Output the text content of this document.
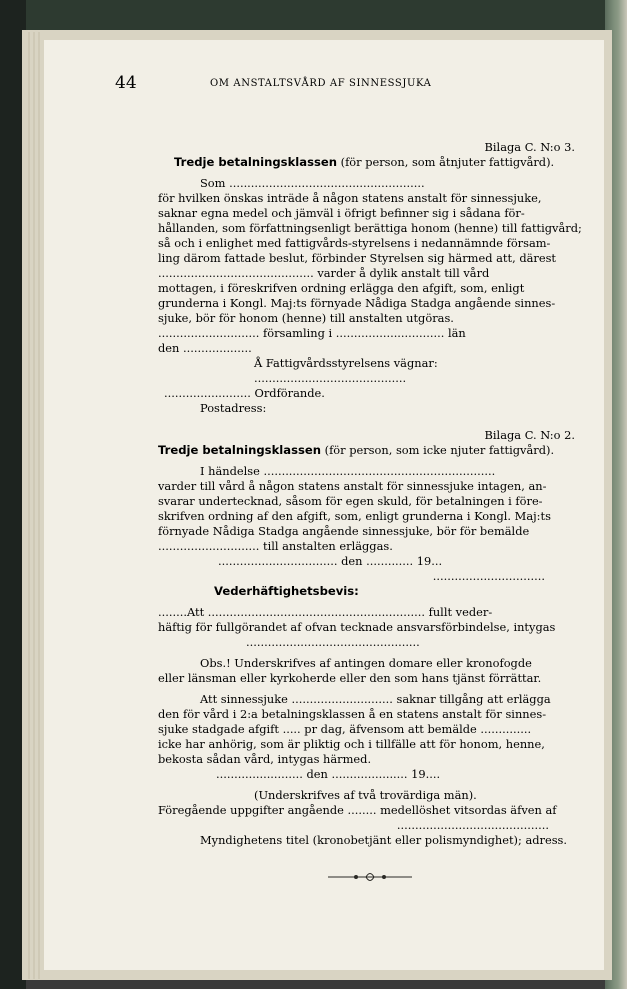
44	OM ANSTALTSVÅRD AF SINNESSJUKA
Bilaga C. N:o 3.
Tredje betalningsklassen (för person, som åtnjuter fattigvård).
Som ......................................................
för hvilken önskas inträde å någon statens anstalt för sinnessjuke,
saknar egna medel och jämväl i öfrigt befinner sig i sådana för-
hållanden, som författningsenligt berättiga honom (henne) till fattigvård;
så och i enlighet med fattigvårds-styrelsens i nedannämnde försam-
ling därom fattade beslut, förbinder Styrelsen sig härmed att, därest
........................................... varder å dylik anstalt till vård
mottagen, i föreskrifven ordning erlägga den afgift, som, enligt
grunderna i Kongl. Maj:ts förnyade Nådiga Stadga angående sinnes-
sjuke, bör för honom (henne) till anstalten utgöras.
............................ församling i .............................. län
den ...................
Å Fattigvårdsstyrelsens vägnar:
..........................................
........................ Ordförande.
Postadress:
Bilaga C. N:o 2.
Tredje betalningsklassen (för person, som icke njuter fattigvård).
I händelse ................................................................
varder till vård å någon statens anstalt för sinnessjuke intagen, an-
svarar undertecknad, såsom för egen skuld, för betalningen i före-
skrifven ordning af den afgift, som, enligt grunderna i Kongl. Maj:ts
förnyade Nådiga Stadga angående sinnessjuke, bör för bemälde
............................ till anstalten erläggas.
................................. den ............. 19...
...............................
Vederhäftighetsbevis:
........Att ............................................................ fullt veder-
häftig för fullgörandet af ofvan tecknade ansvarsförbindelse, intygas
................................................
Obs.! Underskrifves af antingen domare eller kronofogde
eller länsman eller kyrkoherde eller den som hans tjänst förrättar.
Att sinnessjuke ............................ saknar tillgång att erlägga
den för vård i 2:a betalningsklassen å en statens anstalt för sinnes-
sjuke stadgade afgift ..... pr dag, äfvensom att bemälde ..............
icke har anhörig, som är pliktig och i tillfälle att för honom, henne,
bekosta sådan vård, intygas härmed.
........................ den ..................... 19....
(Underskrifves af två trovärdiga män).
Föregående uppgifter angående ........ medellöshet vitsordas äfven af
..........................................
Myndighetens titel (kronobetjänt eller polismyndighet); adress.
